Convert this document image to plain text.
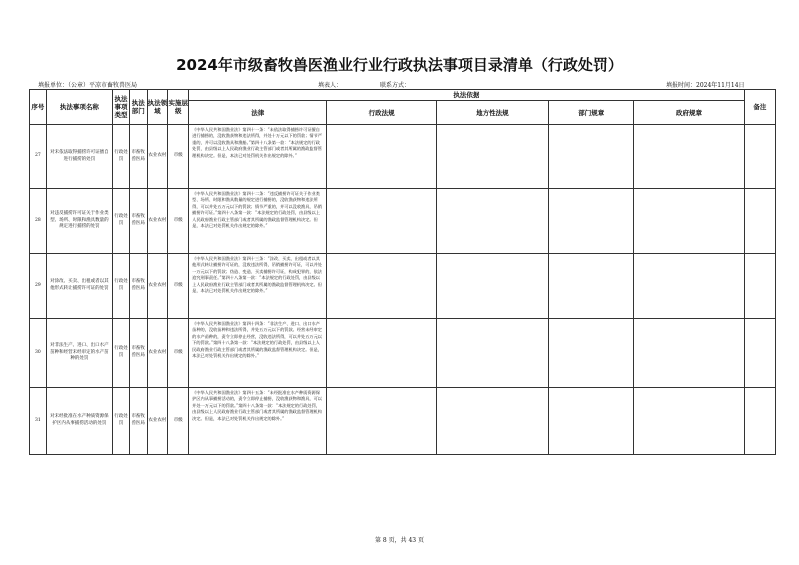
2024年市级畜牧兽医渔业行业行政执法事项目录清单（行政处罚）
填报单位：（公章）平凉市畜牧兽医局	填表人：	联系方式：	填报时间：2024年11月14日
序号	执法事项名称	执法事项类型	执法部门	执法领域	实施层级	执法依据					备注
						法律	行政法规	地方性法规	部门规章	政府规章	
27	对未依法取得捕捞许可证擅自进行捕捞的处罚	行政处罚	市畜牧兽医局	农业农村	市级	《中华人民共和国渔业法》第四十一条：“未依法取得捕捞许可证擅自进行捕捞的，没收渔获物和违法所得，并处十万元以下的罚款；情节严重的，并可以没收渔具和渔船。”第四十八条第一款：“本法规定的行政处罚，由县级以上人民政府渔业行政主管部门或者其所属的渔政监督管理机构决定。但是，本法已对处罚机关作出规定的除外。”					
28	对违反捕捞许可证关于作业类型、场所、时限和渔具数量的规定进行捕捞的处罚	行政处罚	市畜牧兽医局	农业农村	市级	《中华人民共和国渔业法》第四十二条：“违反捕捞许可证关于作业类型、场所、时限和渔具数量的规定进行捕捞的，没收渔获物和违法所得，可以并处五万元以下的罚款；情节严重的，并可以没收渔具，吊销捕捞许可证。”第四十八条第一款：“本法规定的行政处罚，由县级以上人民政府渔业行政主管部门或者其所属的渔政监督管理机构决定。但是，本法已对处罚机关作出规定的除外。”					
29	对涂改、买卖、出租或者以其他形式转让捕捞许可证的处罚	行政处罚	市畜牧兽医局	农业农村	市级	《中华人民共和国渔业法》第四十三条：“涂改、买卖、出租或者以其他形式转让捕捞许可证的，没收违法所得，吊销捕捞许可证，可以并处一万元以下的罚款；伪造、变造、买卖捕捞许可证，构成犯罪的，依法追究刑事责任。”第四十八条第一款：“本法规定的行政处罚，由县级以上人民政府渔业行政主管部门或者其所属的渔政监督管理机构决定。但是，本法已对处罚机关作出规定的除外。”					
30	对非法生产、进口、出口水产苗种和经营未经审定的水产苗种的处罚	行政处罚	市畜牧兽医局	农业农村	市级	《中华人民共和国渔业法》第四十四条：“非法生产、进口、出口水产苗种的，没收苗种和违法所得，并处五万元以下的罚款。经营未经审定的水产苗种的，责令立即停止经营，没收违法所得，可以并处五万元以下的罚款。”第四十八条第一款：“本法规定的行政处罚，由县级以上人民政府渔业行政主管部门或者其所属的渔政监督管理机构决定。但是，本法已对处罚机关作出规定的除外。”					
31	对未经批准在水产种质资源保护区内从事捕捞活动的处罚	行政处罚	市畜牧兽医局	农业农村	市级	《中华人民共和国渔业法》第四十五条：“未经批准在水产种质资源保护区内从事捕捞活动的，责令立即停止捕捞，没收渔获物和渔具，可以并处一万元以下的罚款。”第四十八条第一款：“本法规定的行政处罚，由县级以上人民政府渔业行政主管部门或者其所属的渔政监督管理机构决定。但是，本法已对处罚机关作出规定的除外。”					
第 8 页，共 43 页
